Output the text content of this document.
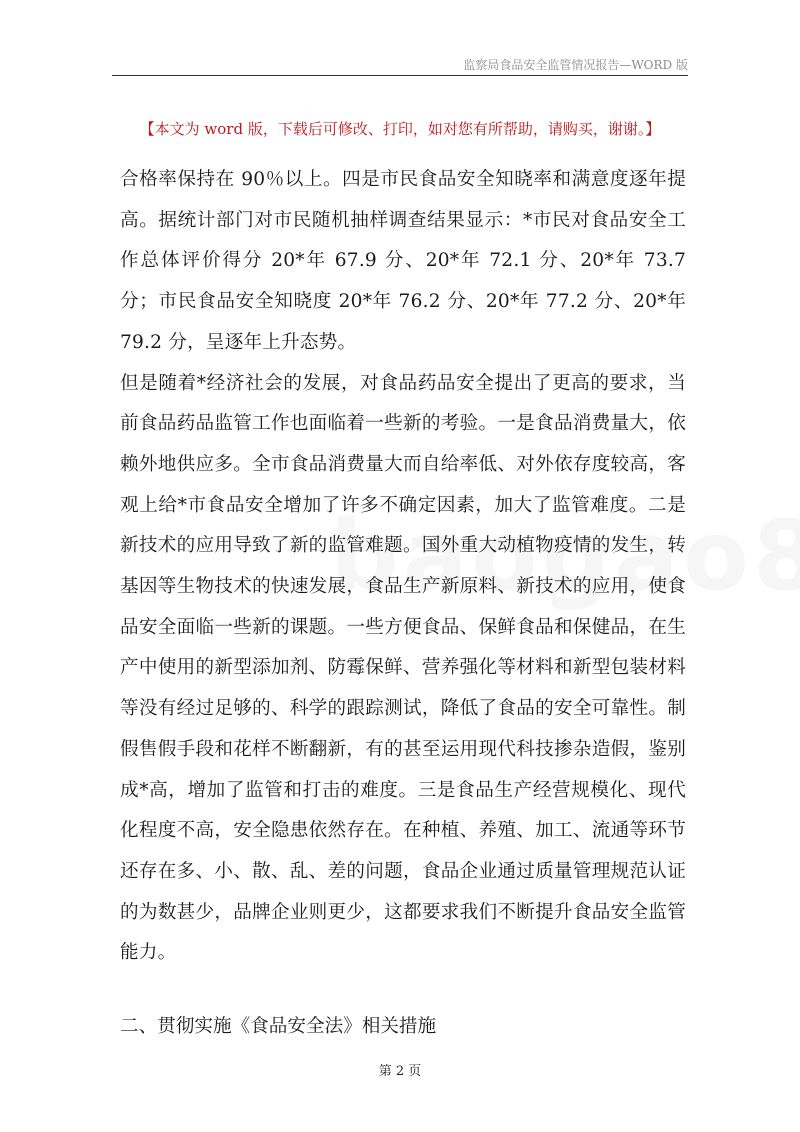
监察局食品安全监管情况报告—WORD 版
【本文为 word 版，下载后可修改、打印，如对您有所帮助，请购买，谢谢。】

合格率保持在 90％以上。四是市民食品安全知晓率和满意度逐年提高。据统计部门对市民随机抽样调查结果显示：*市民对食品安全工作总体评价得分 20*年 67.9 分、20*年 72.1 分、20*年 73.7 分；市民食品安全知晓度 20*年 76.2 分、20*年 77.2 分、20*年 79.2 分，呈逐年上升态势。

但是随着*经济社会的发展，对食品药品安全提出了更高的要求，当前食品药品监管工作也面临着一些新的考验。一是食品消费量大，依赖外地供应多。全市食品消费量大而自给率低、对外依存度较高，客观上给*市食品安全增加了许多不确定因素，加大了监管难度。二是新技术的应用导致了新的监管难题。国外重大动植物疫情的发生，转基因等生物技术的快速发展，食品生产新原料、新技术的应用，使食品安全面临一些新的课题。一些方便食品、保鲜食品和保健品，在生产中使用的新型添加剂、防霉保鲜、营养强化等材料和新型包装材料等没有经过足够的、科学的跟踪测试，降低了食品的安全可靠性。制假售假手段和花样不断翻新，有的甚至运用现代科技掺杂造假，鉴别成*高，增加了监管和打击的难度。三是食品生产经营规模化、现代化程度不高，安全隐患依然存在。在种植、养殖、加工、流通等环节还存在多、小、散、乱、差的问题，食品企业通过质量管理规范认证的为数甚少，品牌企业则更少，这都要求我们不断提升食品安全监管能力。

二、贯彻实施《食品安全法》相关措施
第 2 页
